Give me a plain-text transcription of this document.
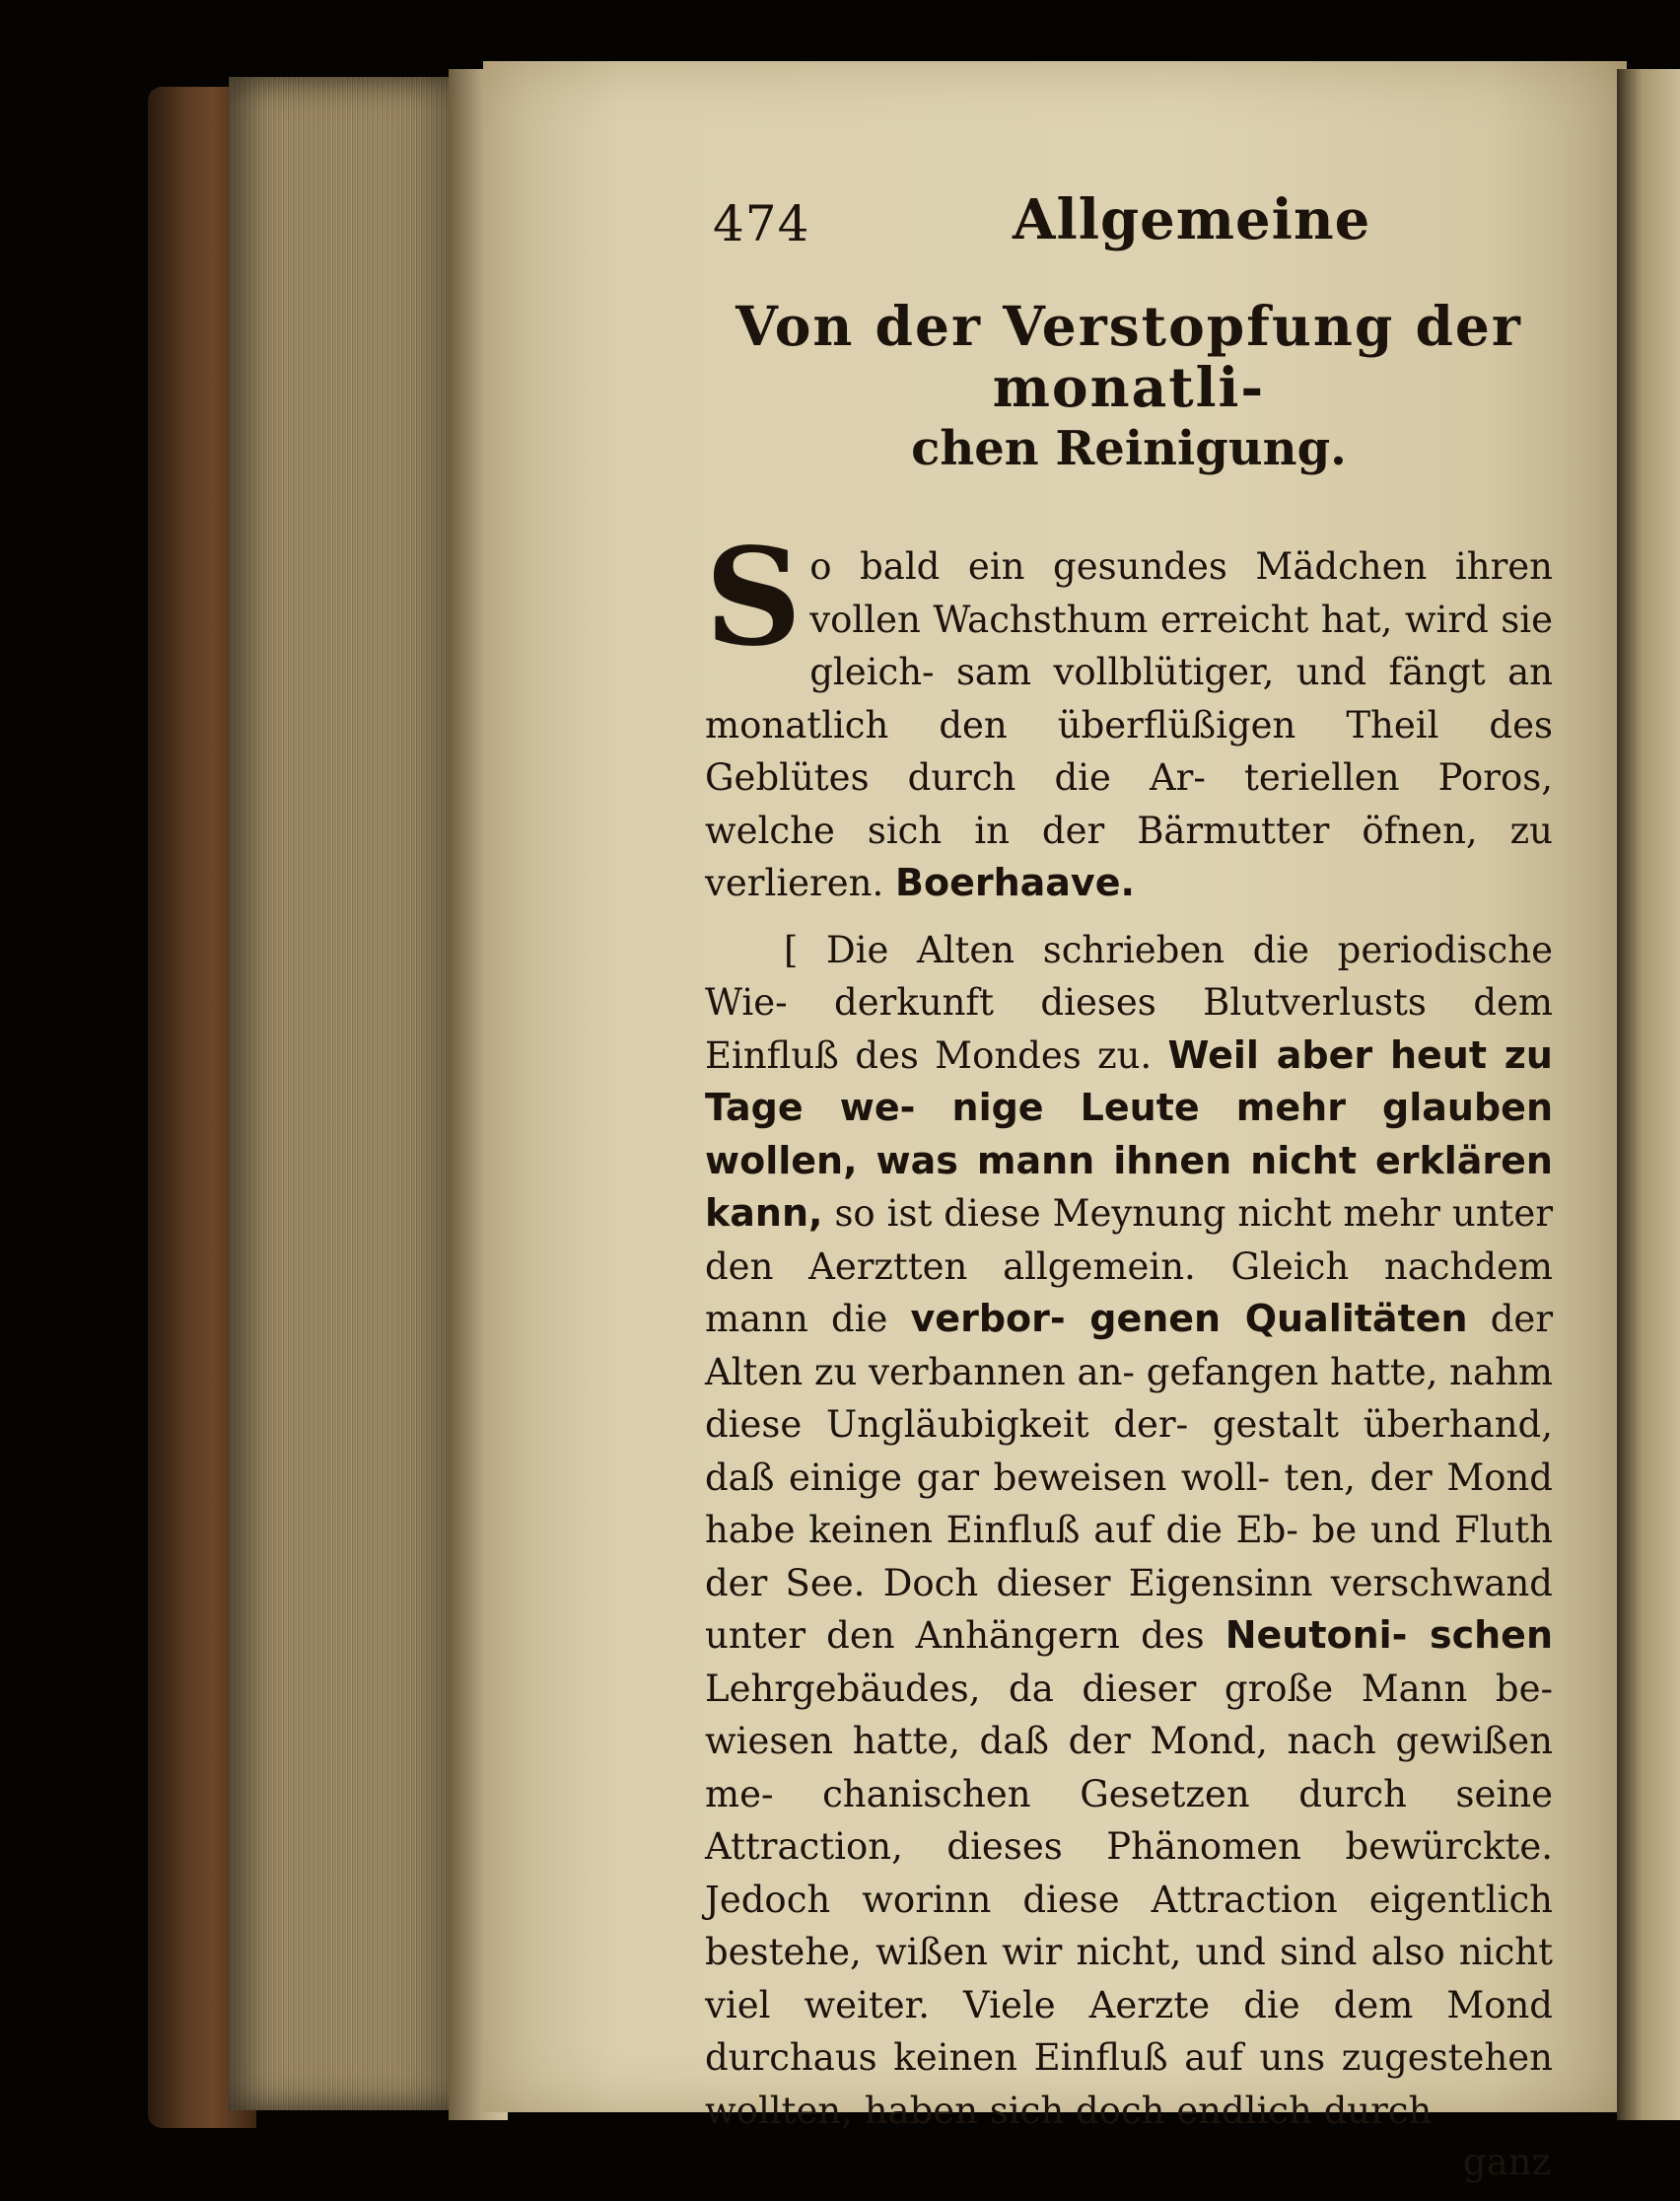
474	Allgemeine
Von der Verstopfung der monatli-
chen Reinigung.

So bald ein gesundes Mädchen ihren vollen Wachsthum erreicht hat, wird sie gleich- sam vollblütiger, und fängt an monatlich den überflüßigen Theil des Geblütes durch die Ar- teriellen Poros, welche sich in der Bärmutter öfnen, zu verlieren. Boerhaave.

[ Die Alten schrieben die periodische Wie- derkunft dieses Blutverlusts dem Einfluß des Mondes zu. Weil aber heut zu Tage we- nige Leute mehr glauben wollen, was mann ihnen nicht erklären kann, so ist diese Meynung nicht mehr unter den Aerztten allgemein. Gleich nachdem mann die verbor- genen Qualitäten der Alten zu verbannen an- gefangen hatte, nahm diese Ungläubigkeit der- gestalt überhand, daß einige gar beweisen woll- ten, der Mond habe keinen Einfluß auf die Eb- be und Fluth der See. Doch dieser Eigensinn verschwand unter den Anhängern des Neutoni- schen Lehrgebäudes, da dieser große Mann be- wiesen hatte, daß der Mond, nach gewißen me- chanischen Gesetzen durch seine Attraction, dieses Phänomen bewürckte. Jedoch worinn diese Attraction eigentlich bestehe, wißen wir nicht, und sind also nicht viel weiter. Viele Aerzte die dem Mond durchaus keinen Einfluß auf uns zugestehen wollten, haben sich doch endlich durch

ganz
